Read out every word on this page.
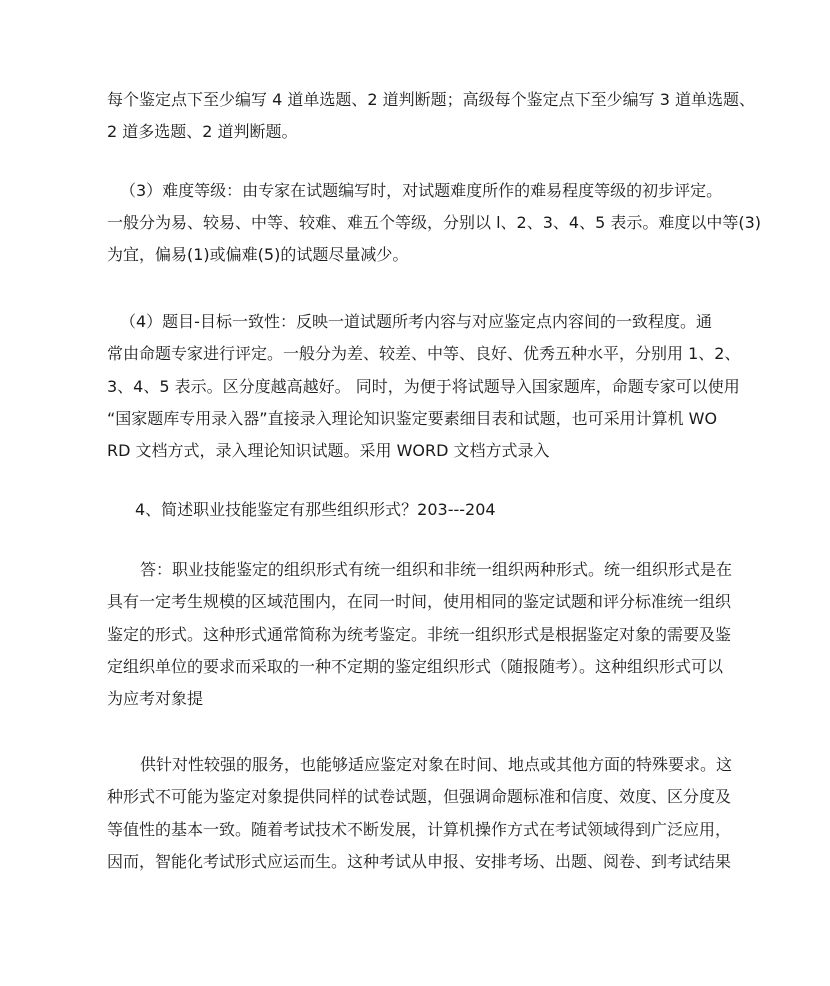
每个鉴定点下至少编写 4 道单选题、2 道判断题；高级每个鉴定点下至少编写 3 道单选题、
2 道多选题、2 道判断题。
（3）难度等级：由专家在试题编写时，对试题难度所作的难易程度等级的初步评定。
一般分为易、较易、中等、较难、难五个等级，分别以 l、2、3、4、5 表示。难度以中等(3)
为宜，偏易(1)或偏难(5)的试题尽量减少。
（4）题目-目标一致性：反映一道试题所考内容与对应鉴定点内容间的一致程度。通
常由命题专家进行评定。一般分为差、较差、中等、良好、优秀五种水平，分别用 1、2、
3、4、5 表示。区分度越高越好。 同时，为便于将试题导入国家题库，命题专家可以使用
“国家题库专用录入器”直接录入理论知识鉴定要素细目表和试题，也可采用计算机 WO
RD 文档方式，录入理论知识试题。采用 WORD 文档方式录入
4、简述职业技能鉴定有那些组织形式？203---204
答：职业技能鉴定的组织形式有统一组织和非统一组织两种形式。统一组织形式是在
具有一定考生规模的区域范围内，在同一时间，使用相同的鉴定试题和评分标准统一组织
鉴定的形式。这种形式通常简称为统考鉴定。非统一组织形式是根据鉴定对象的需要及鉴
定组织单位的要求而采取的一种不定期的鉴定组织形式（随报随考）。这种组织形式可以
为应考对象提
供针对性较强的服务，也能够适应鉴定对象在时间、地点或其他方面的特殊要求。这
种形式不可能为鉴定对象提供同样的试卷试题，但强调命题标准和信度、效度、区分度及
等值性的基本一致。随着考试技术不断发展，计算机操作方式在考试领域得到广泛应用，
因而，智能化考试形式应运而生。这种考试从申报、安排考场、出题、阅卷、到考试结果
